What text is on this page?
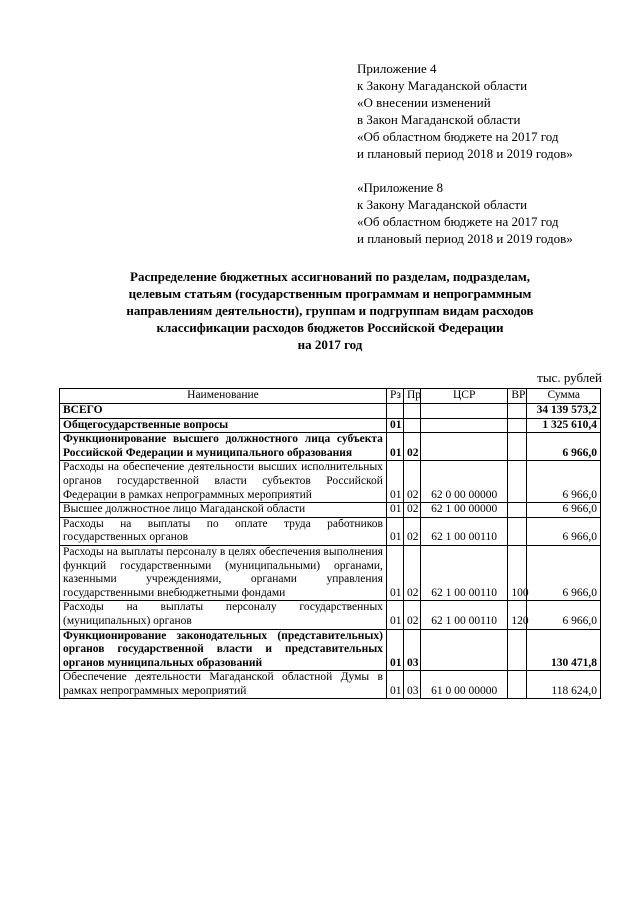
Приложение 4
к Закону Магаданской области
«О внесении изменений
в Закон Магаданской области
«Об областном бюджете на 2017 год
и плановый период 2018 и 2019 годов»
«Приложение 8
к Закону Магаданской области
«Об областном бюджете на 2017 год
и плановый период 2018 и 2019 годов»
Распределение бюджетных ассигнований по разделам, подразделам,
целевым статьям (государственным программам и непрограммным
направлениям деятельности), группам и подгруппам видам расходов
классификации расходов бюджетов Российской Федерации
на 2017 год
тыс. рублей
Наименование	Рз	Пр	ЦСР	ВР	Сумма
ВСЕГО					34 139 573,2
Общегосударственные вопросы	01				1 325 610,4
Функционирование высшего должностного лица субъекта Российской Федерации и муниципального образования	01	02			6 966,0
Расходы на обеспечение деятельности высших исполнительных органов государственной власти субъектов Российской Федерации в рамках непрограммных мероприятий	01	02	62 0 00 00000		6 966,0
Высшее должностное лицо Магаданской области	01	02	62 1 00 00000		6 966,0
Расходы на выплаты по оплате труда работников государственных органов	01	02	62 1 00 00110		6 966,0
Расходы на выплаты персоналу в целях обеспечения выполнения функций государственными (муниципальными) органами, казенными учреждениями, органами управления государственными внебюджетными фондами	01	02	62 1 00 00110	100	6 966,0
Расходы на выплаты персоналу государственных (муниципальных) органов	01	02	62 1 00 00110	120	6 966,0
Функционирование законодательных (представительных) органов государственной власти и представительных органов муниципальных образований	01	03			130 471,8
Обеспечение деятельности Магаданской областной Думы в рамках непрограммных мероприятий	01	03	61 0 00 00000		118 624,0
